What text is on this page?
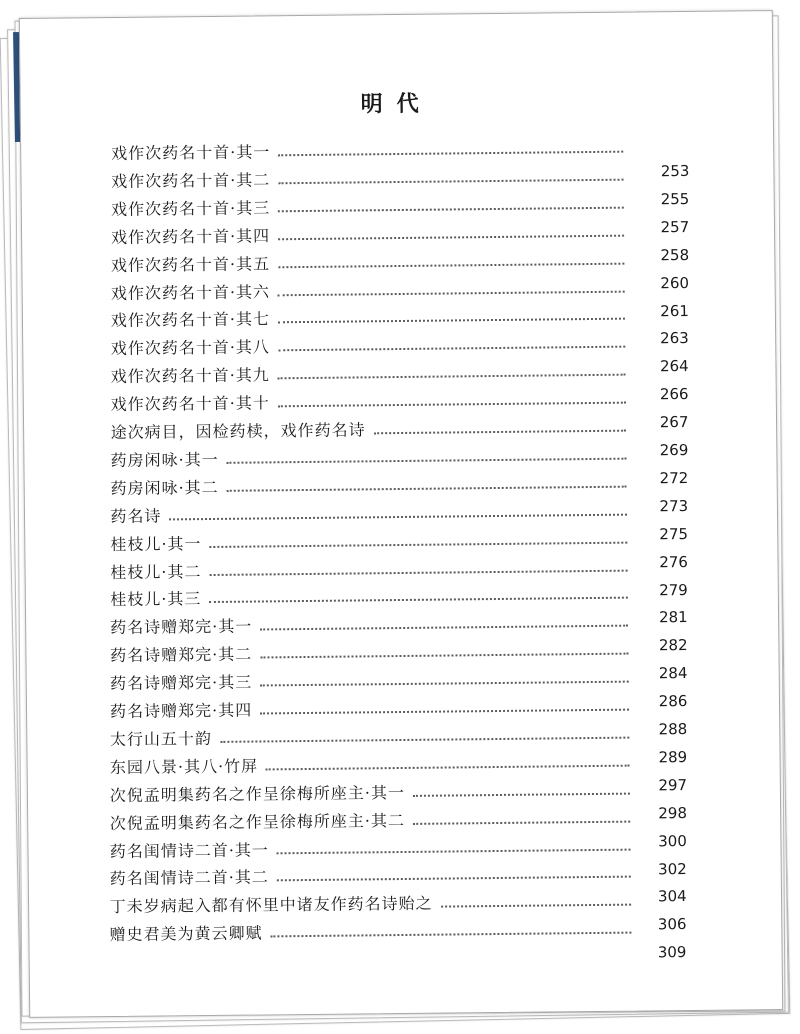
明代
戏作次药名十首·其一
253
戏作次药名十首·其二
255
戏作次药名十首·其三
257
戏作次药名十首·其四
258
戏作次药名十首·其五
260
戏作次药名十首·其六
261
戏作次药名十首·其七
263
戏作次药名十首·其八
264
戏作次药名十首·其九
266
戏作次药名十首·其十
267
途次病目，因检药椟，戏作药名诗
269
药房闲咏·其一
272
药房闲咏·其二
273
药名诗
275
桂枝儿·其一
276
桂枝儿·其二
279
桂枝儿·其三
281
药名诗赠郑完·其一
282
药名诗赠郑完·其二
284
药名诗赠郑完·其三
286
药名诗赠郑完·其四
288
太行山五十韵
289
东园八景·其八·竹屏
297
次倪孟明集药名之作呈徐梅所座主·其一
298
次倪孟明集药名之作呈徐梅所座主·其二
300
药名闺情诗二首·其一
302
药名闺情诗二首·其二
304
丁未岁病起入都有怀里中诸友作药名诗贻之
306
赠史君美为黄云卿赋
309
